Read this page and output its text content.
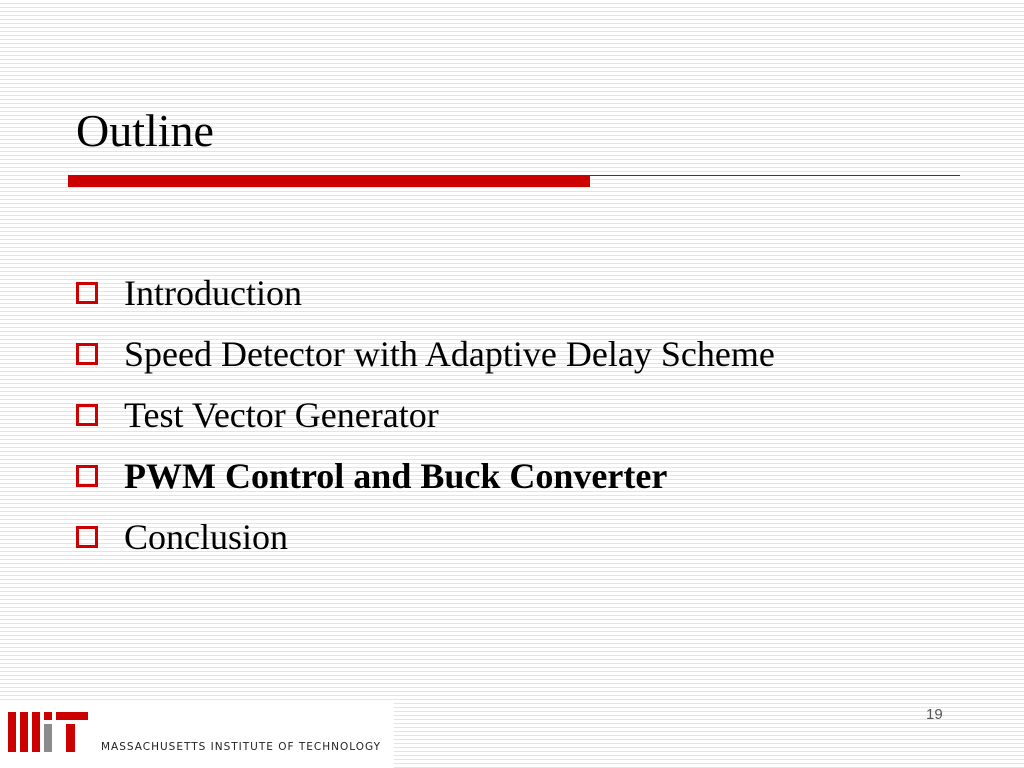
Outline
Introduction
Speed Detector with Adaptive Delay Scheme
Test Vector Generator
PWM Control and Buck Converter
Conclusion
MASSACHUSETTS INSTITUTE OF TECHNOLOGY
19
